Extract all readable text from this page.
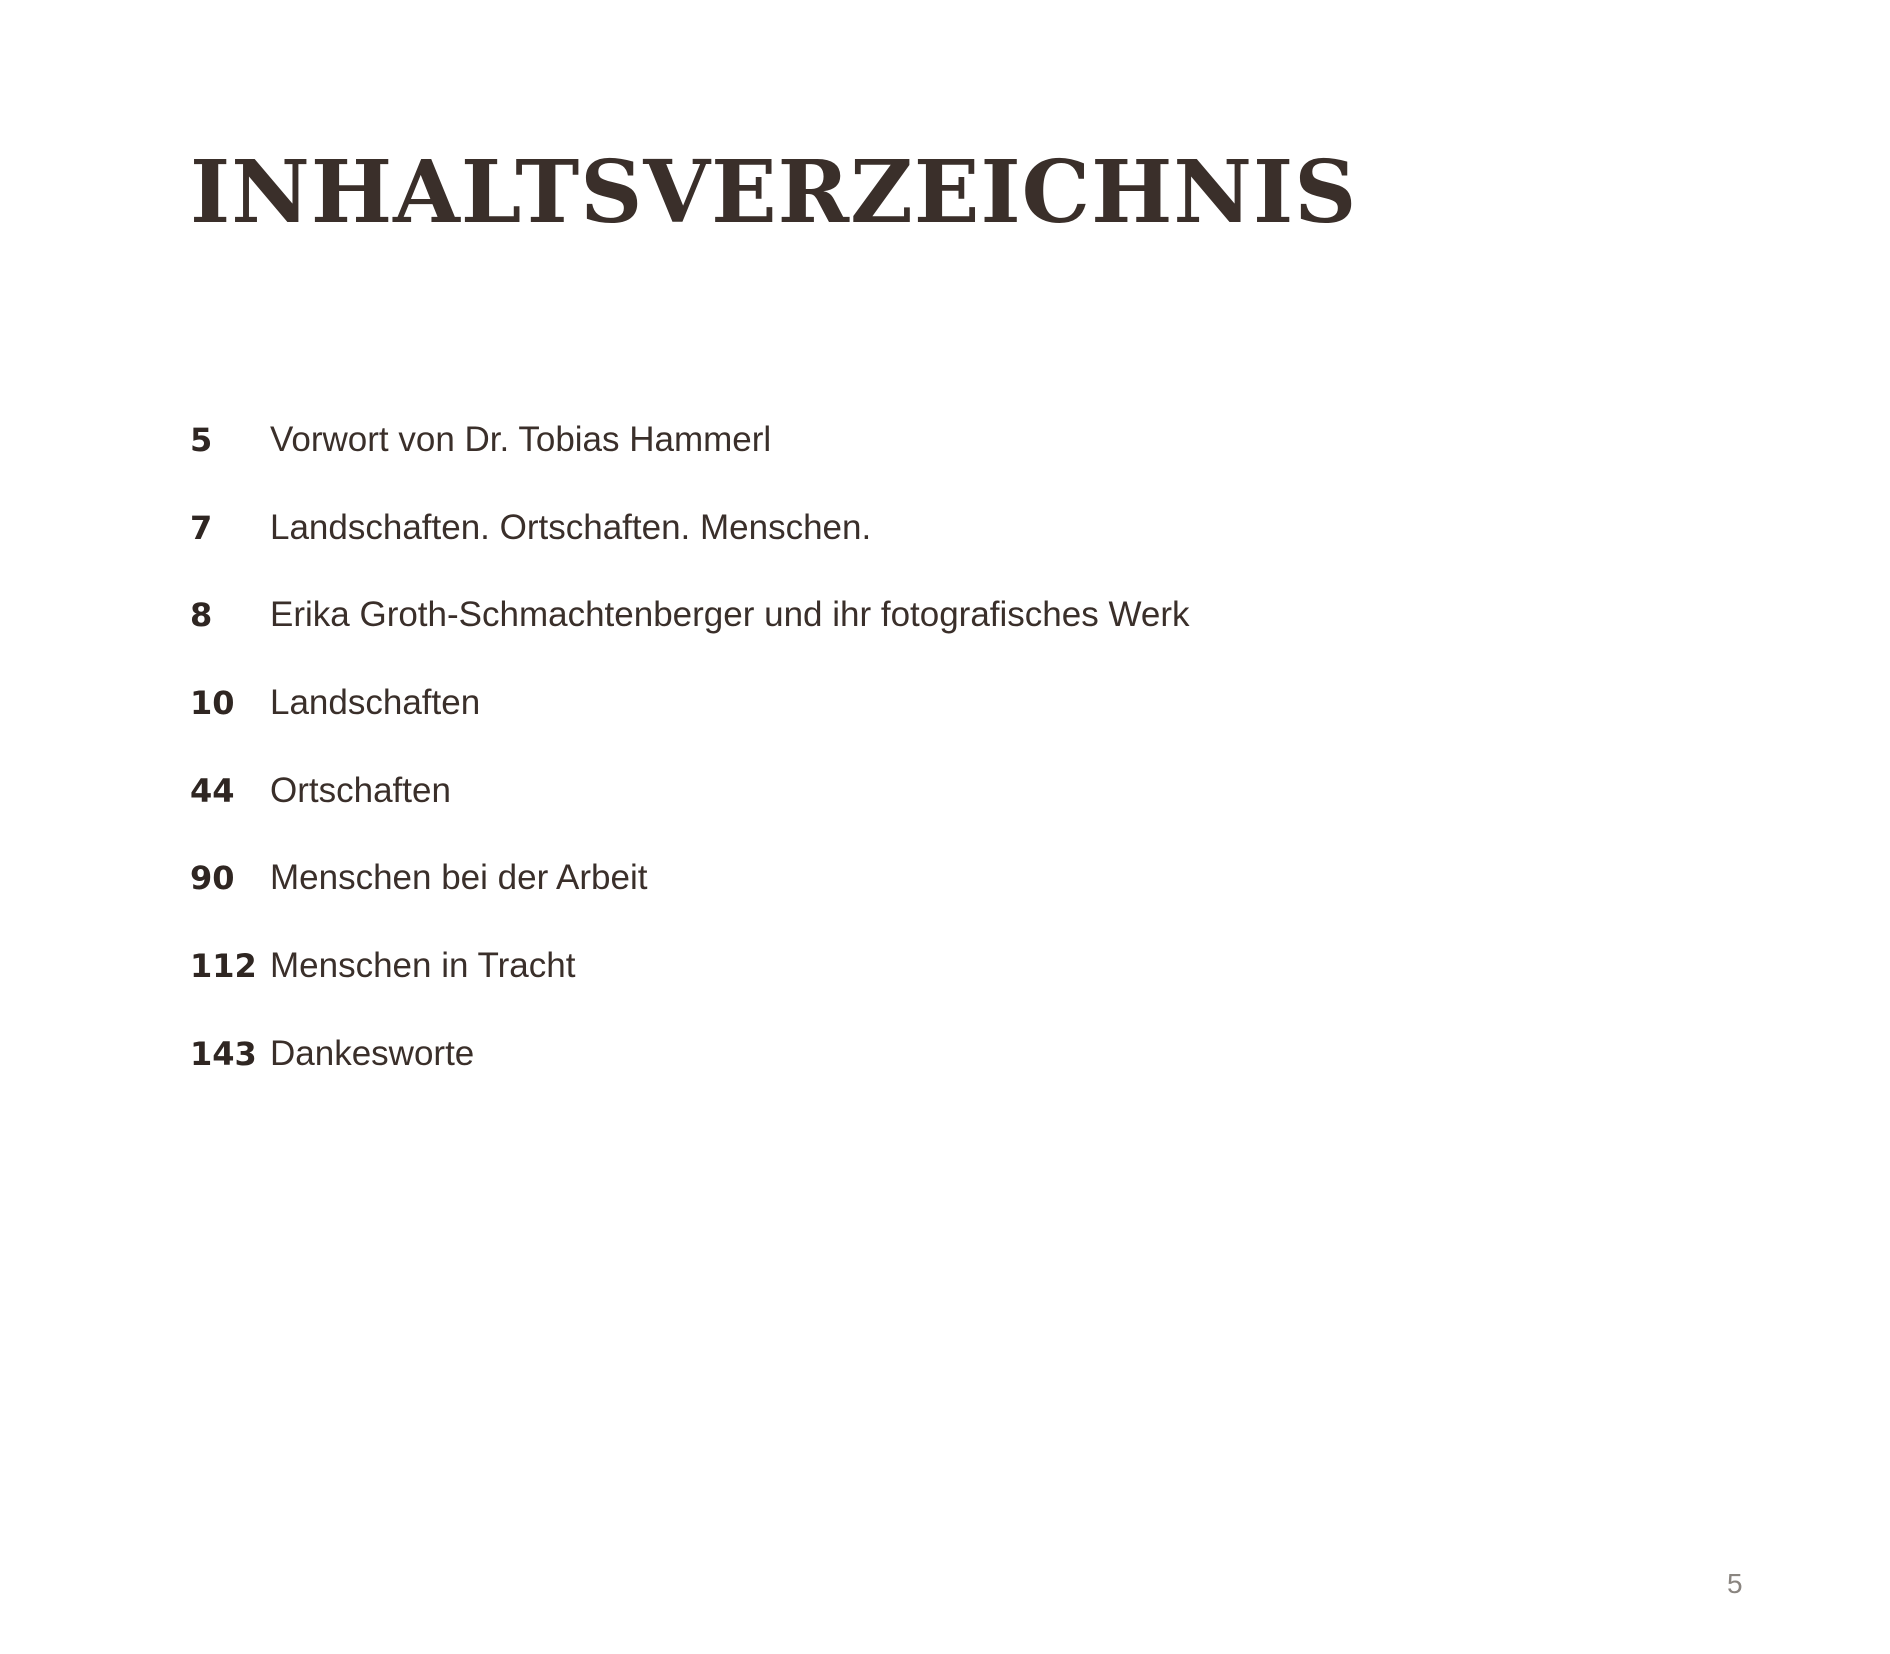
INHALTSVERZEICHNIS
5	Vorwort von Dr. Tobias Hammerl
7	Landschaften. Ortschaften. Menschen.
8	Erika Groth-Schmachtenberger und ihr fotografisches Werk
10	Landschaften
44	Ortschaften
90	Menschen bei der Arbeit
112 Menschen in Tracht
143 Dankesworte
5
